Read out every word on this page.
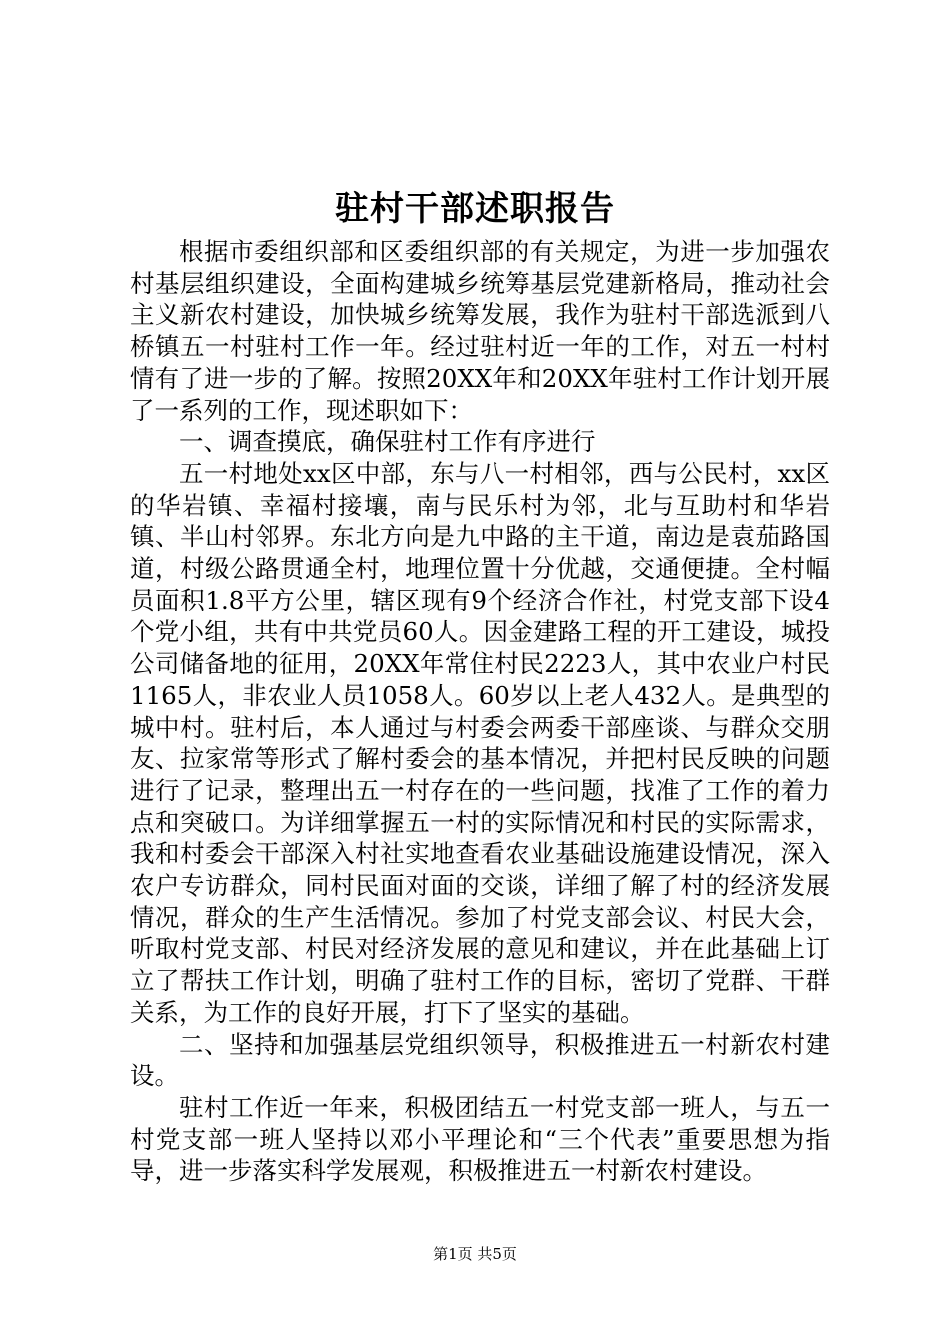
驻村干部述职报告

根据市委组织部和区委组织部的有关规定，为进一步加强农村基层组织建设，全面构建城乡统筹基层党建新格局，推动社会主义新农村建设，加快城乡统筹发展，我作为驻村干部选派到八桥镇五一村驻村工作一年。经过驻村近一年的工作，对五一村村情有了进一步的了解。按照20XX年和20XX年驻村工作计划开展了一系列的工作，现述职如下：

一、调查摸底，确保驻村工作有序进行

五一村地处xx区中部，东与八一村相邻，西与公民村，xx区的华岩镇、幸福村接壤，南与民乐村为邻，北与互助村和华岩镇、半山村邻界。东北方向是九中路的主干道，南边是袁茄路国道，村级公路贯通全村，地理位置十分优越，交通便捷。全村幅员面积1.8平方公里，辖区现有9个经济合作社，村党支部下设4个党小组，共有中共党员60人。因金建路工程的开工建设，城投公司储备地的征用，20XX年常住村民2223人，其中农业户村民1165人，非农业人员1058人。60岁以上老人432人。是典型的城中村。驻村后，本人通过与村委会两委干部座谈、与群众交朋友、拉家常等形式了解村委会的基本情况，并把村民反映的问题进行了记录，整理出五一村存在的一些问题，找准了工作的着力点和突破口。为详细掌握五一村的实际情况和村民的实际需求，我和村委会干部深入村社实地查看农业基础设施建设情况，深入农户专访群众，同村民面对面的交谈，详细了解了村的经济发展情况，群众的生产生活情况。参加了村党支部会议、村民大会，听取村党支部、村民对经济发展的意见和建议，并在此基础上订立了帮扶工作计划，明确了驻村工作的目标，密切了党群、干群关系，为工作的良好开展，打下了坚实的基础。

二、坚持和加强基层党组织领导，积极推进五一村新农村建设。

驻村工作近一年来，积极团结五一村党支部一班人，与五一村党支部一班人坚持以邓小平理论和“三个代表”重要思想为指导，进一步落实科学发展观，积极推进五一村新农村建设。

第1页 共5页
